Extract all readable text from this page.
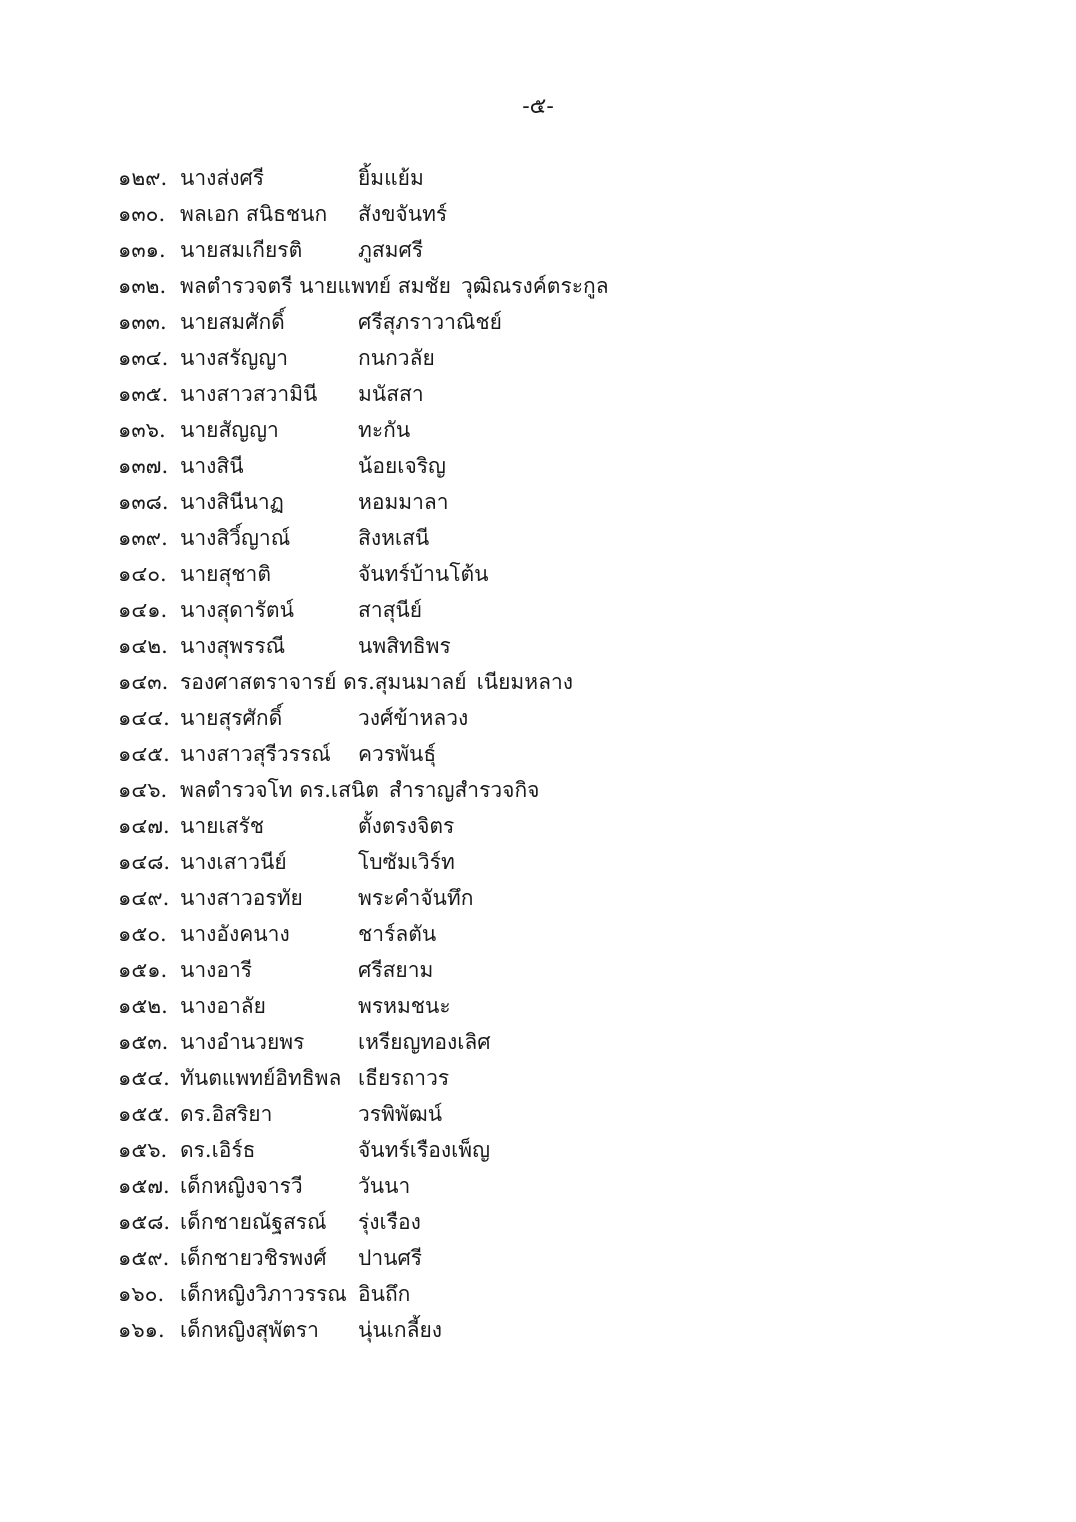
-๕-
๑๒๙. นางส่งศรี	ยิ้มแย้ม
๑๓๐. พลเอก สนิธชนก สังขจันทร์
๑๓๑. นายสมเกียรติ	ภูสมศรี
๑๓๒. พลตำรวจตรี นายแพทย์ สมชัย วุฒิณรงค์ตระกูล
๑๓๓. นายสมศักดิ์	ศรีสุภราวาณิชย์
๑๓๔. นางสรัญญา	กนกวลัย
๑๓๕. นางสาวสวามินี มนัสสา
๑๓๖. นายสัญญา	ทะกัน
๑๓๗. นางสินี	น้อยเจริญ
๑๓๘. นางสินีนาฏ	หอมมาลา
๑๓๙. นางสิวิ์ญาณ์	สิงหเสนี
๑๔๐. นายสุชาติ	จันทร์บ้านโต้น
๑๔๑. นางสุดารัตน์	สาสุนีย์
๑๔๒. นางสุพรรณี	นพสิทธิพร
๑๔๓. รองศาสตราจารย์ ดร.สุมนมาลย์ เนียมหลาง
๑๔๔. นายสุรศักดิ์	วงศ์ข้าหลวง
๑๔๕. นางสาวสุรีวรรณ์ ควรพันธุ์
๑๔๖. พลตำรวจโท ดร.เสนิต สำราญสำรวจกิจ
๑๔๗. นายเสรัช	ตั้งตรงจิตร
๑๔๘. นางเสาวนีย์	โบซัมเวิร์ท
๑๔๙. นางสาวอรทัย	พระคำจันทึก
๑๕๐. นางอังคนาง	ชาร์ลตัน
๑๕๑. นางอารี	ศรีสยาม
๑๕๒. นางอาลัย	พรหมชนะ
๑๕๓. นางอำนวยพร	เหรียญทองเลิศ
๑๕๔. ทันตแพทย์อิทธิพล เธียรถาวร
๑๕๕. ดร.อิสริยา	วรพิพัฒน์
๑๕๖. ดร.เอิร์ธ	จันทร์เรืองเพ็ญ
๑๕๗. เด็กหญิงจารวี	วันนา
๑๕๘. เด็กชายณัฐสรณ์ รุ่งเรือง
๑๕๙. เด็กชายวชิรพงศ์ ปานศรี
๑๖๐. เด็กหญิงวิภาวรรณ อินถึก
๑๖๑. เด็กหญิงสุพัตรา นุ่นเกลี้ยง
